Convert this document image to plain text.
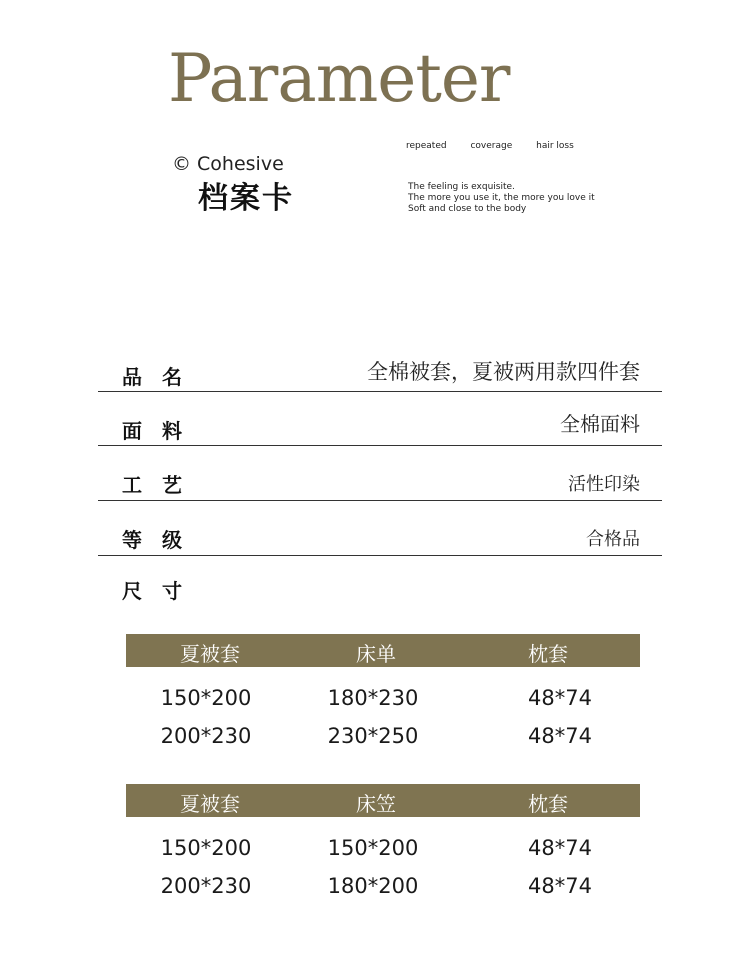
Parameter
© Cohesive
档案卡
repeated	coverage	hair loss
The feeling is exquisite.
The more you use it, the more you love it
Soft and close to the body
品名	全棉被套，夏被两用款四件套
面料	全棉面料
工艺	活性印染
等级	合格品
尺寸
夏被套	床单	枕套
150*200	180*230	48*74
200*230	230*250	48*74
夏被套	床笠	枕套
150*200	150*200	48*74
200*230	180*200	48*74
